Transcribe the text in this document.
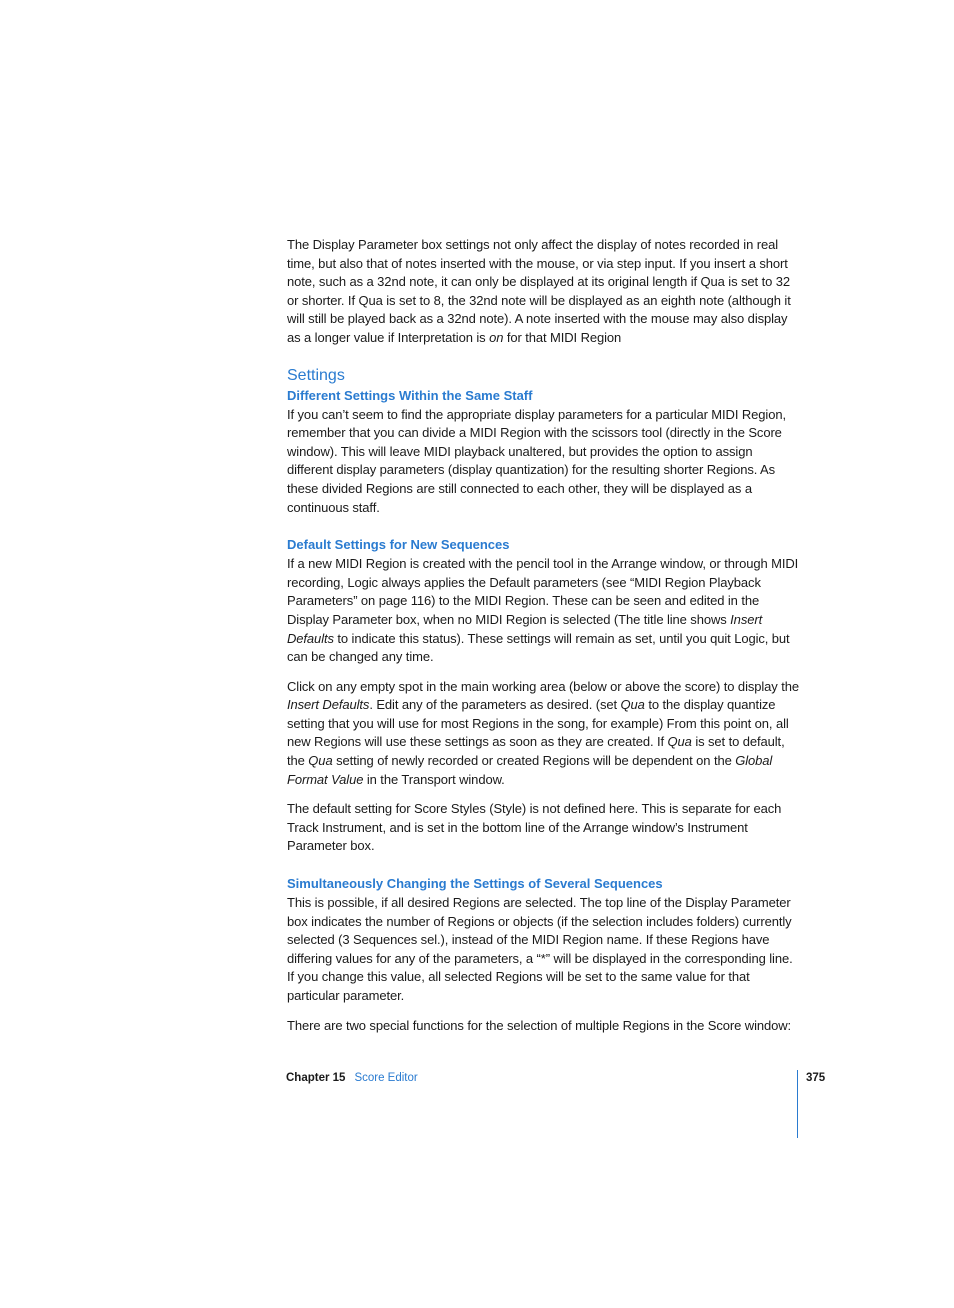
The Display Parameter box settings not only affect the display of notes recorded in real time, but also that of notes inserted with the mouse, or via step input. If you insert a short note, such as a 32nd note, it can only be displayed at its original length if Qua is set to 32 or shorter. If Qua is set to 8, the 32nd note will be displayed as an eighth note (although it will still be played back as a 32nd note). A note inserted with the mouse may also display as a longer value if Interpretation is on for that MIDI Region

Settings
Different Settings Within the Same Staff

If you can’t seem to find the appropriate display parameters for a particular MIDI Region, remember that you can divide a MIDI Region with the scissors tool (directly in the Score window). This will leave MIDI playback unaltered, but provides the option to assign different display parameters (display quantization) for the resulting shorter Regions. As these divided Regions are still connected to each other, they will be displayed as a continuous staff.

Default Settings for New Sequences

If a new MIDI Region is created with the pencil tool in the Arrange window, or through MIDI recording, Logic always applies the Default parameters (see “MIDI Region Playback Parameters” on page 116) to the MIDI Region. These can be seen and edited in the Display Parameter box, when no MIDI Region is selected (The title line shows Insert Defaults to indicate this status). These settings will remain as set, until you quit Logic, but can be changed any time.

Click on any empty spot in the main working area (below or above the score) to display the Insert Defaults. Edit any of the parameters as desired. (set Qua to the display quantize setting that you will use for most Regions in the song, for example) From this point on, all new Regions will use these settings as soon as they are created. If Qua is set to default, the Qua setting of newly recorded or created Regions will be dependent on the Global Format Value in the Transport window.

The default setting for Score Styles (Style) is not defined here. This is separate for each Track Instrument, and is set in the bottom line of the Arrange window’s Instrument Parameter box.

Simultaneously Changing the Settings of Several Sequences

This is possible, if all desired Regions are selected. The top line of the Display Parameter box indicates the number of Regions or objects (if the selection includes folders) currently selected (3 Sequences sel.), instead of the MIDI Region name. If these Regions have differing values for any of the parameters, a “*” will be displayed in the corresponding line. If you change this value, all selected Regions will be set to the same value for that particular parameter.

There are two special functions for the selection of multiple Regions in the Score window:

Chapter 15 Score Editor	375
